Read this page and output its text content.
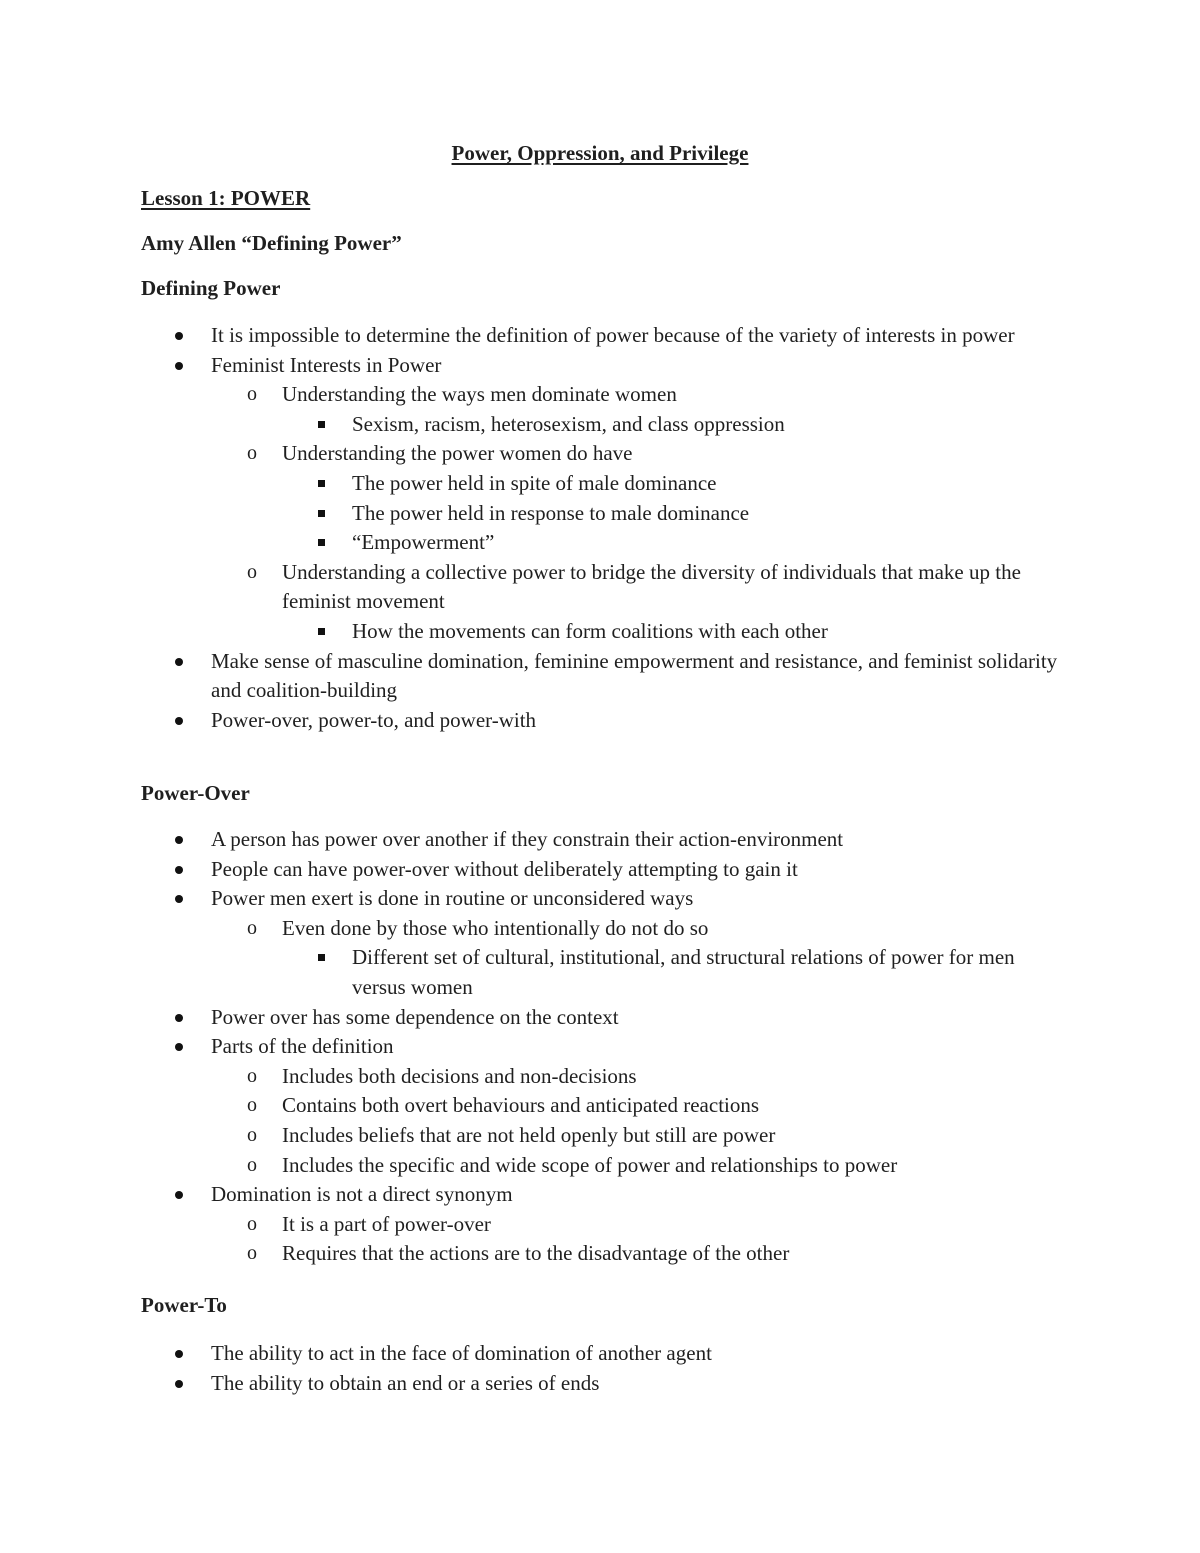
Power, Oppression, and Privilege
Lesson 1: POWER
Amy Allen “Defining Power”
Defining Power
It is impossible to determine the definition of power because of the variety of interests in power
Feminist Interests in Power
o Understanding the ways men dominate women
Sexism, racism, heterosexism, and class oppression
o Understanding the power women do have
The power held in spite of male dominance
The power held in response to male dominance
“Empowerment”
o Understanding a collective power to bridge the diversity of individuals that make up the feminist movement
How the movements can form coalitions with each other
Make sense of masculine domination, feminine empowerment and resistance, and feminist solidarity and coalition-building
Power-over, power-to, and power-with
Power-Over
A person has power over another if they constrain their action-environment
People can have power-over without deliberately attempting to gain it
Power men exert is done in routine or unconsidered ways
o Even done by those who intentionally do not do so
Different set of cultural, institutional, and structural relations of power for men versus women
Power over has some dependence on the context
Parts of the definition
o Includes both decisions and non-decisions
o Contains both overt behaviours and anticipated reactions
o Includes beliefs that are not held openly but still are power
o Includes the specific and wide scope of power and relationships to power
Domination is not a direct synonym
o It is a part of power-over
o Requires that the actions are to the disadvantage of the other
Power-To
The ability to act in the face of domination of another agent
The ability to obtain an end or a series of ends
